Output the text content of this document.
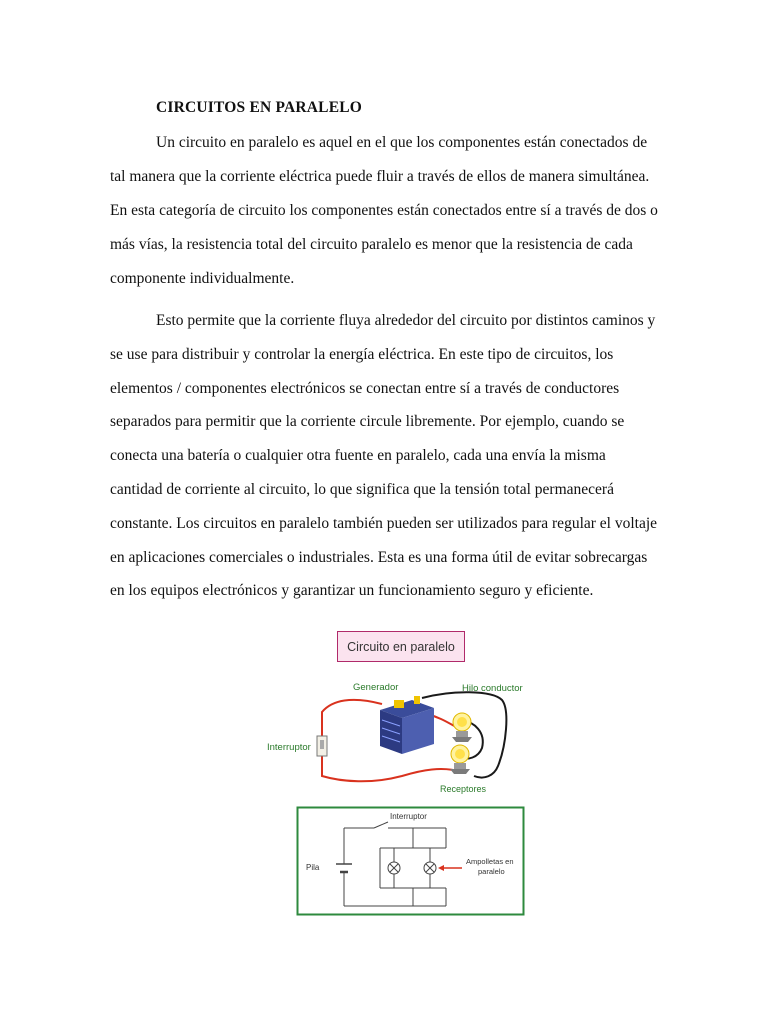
CIRCUITOS EN PARALELO
Un circuito en paralelo es aquel en el que los componentes están conectados de
tal manera que la corriente eléctrica puede fluir a través de ellos de manera simultánea.
En esta categoría de circuito los componentes están conectados entre sí a través de dos o
más vías, la resistencia total del circuito paralelo es menor que la resistencia de cada
componente individualmente.
Esto permite que la corriente fluya alrededor del circuito por distintos caminos y
se use para distribuir y controlar la energía eléctrica. En este tipo de circuitos, los
elementos / componentes electrónicos se conectan entre sí a través de conductores
separados para permitir que la corriente circule libremente. Por ejemplo, cuando se
conecta una batería o cualquier otra fuente en paralelo, cada una envía la misma
cantidad de corriente al circuito, lo que significa que la tensión total permanecerá
constante. Los circuitos en paralelo también pueden ser utilizados para regular el voltaje
en aplicaciones comerciales o industriales. Esta es una forma útil de evitar sobrecargas
en los equipos electrónicos y garantizar un funcionamiento seguro y eficiente.
Circuito en paralelo
Generador	Hilo conductor
Interruptor
Receptores
Interruptor
Pila
Ampolletas en
paralelo
